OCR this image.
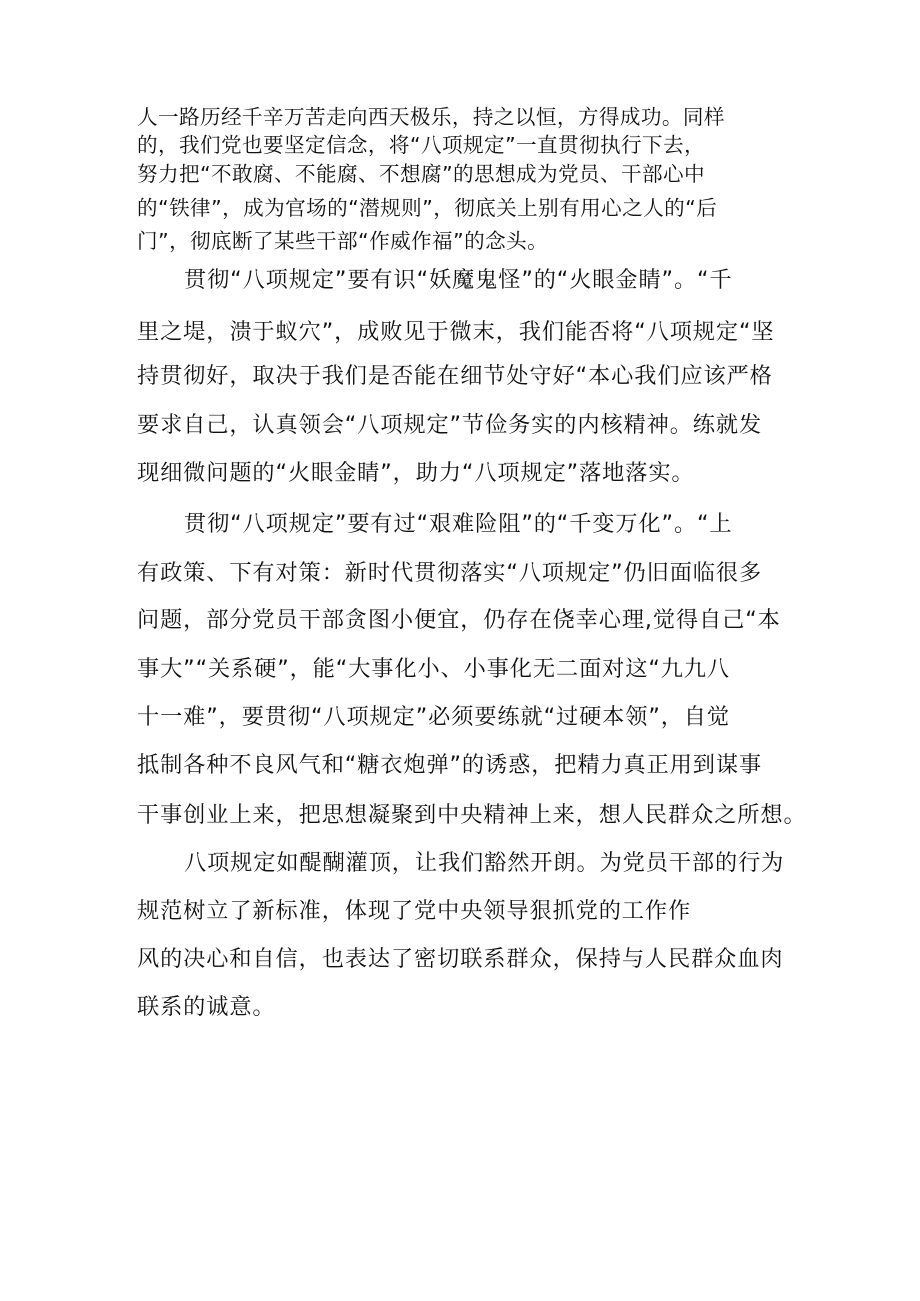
人一路历经千辛万苦走向西天极乐，持之以恒，方得成功。同样
的，我们党也要坚定信念，将“八项规定”一直贯彻执行下去，
努力把“不敢腐、不能腐、不想腐”的思想成为党员、干部心中
的“铁律”，成为官场的“潜规则”，彻底关上别有用心之人的“后
门”，彻底断了某些干部“作威作福”的念头。
贯彻“八项规定”要有识“妖魔鬼怪”的“火眼金睛”。“千
里之堤，溃于蚁穴”，成败见于微末，我们能否将“八项规定“坚
持贯彻好，取决于我们是否能在细节处守好“本心我们应该严格
要求自己，认真领会“八项规定”节俭务实的内核精神。练就发
现细微问题的“火眼金睛”，助力“八项规定”落地落实。
贯彻“八项规定”要有过“艰难险阻”的“千变万化”。“上
有政策、下有对策：新时代贯彻落实“八项规定”仍旧面临很多
问题，部分党员干部贪图小便宜，仍存在侥幸心理,觉得自己“本
事大”“关系硬”，能“大事化小、小事化无二面对这“九九八
十一难”，要贯彻“八项规定”必须要练就“过硬本领”，自觉
抵制各种不良风气和“糖衣炮弹”的诱惑，把精力真正用到谋事
干事创业上来，把思想凝聚到中央精神上来，想人民群众之所想。
八项规定如醍醐灌顶，让我们豁然开朗。为党员干部的行为
规范树立了新标准，体现了党中央领导狠抓党的工作作
风的决心和自信，也表达了密切联系群众，保持与人民群众血肉
联系的诚意。
